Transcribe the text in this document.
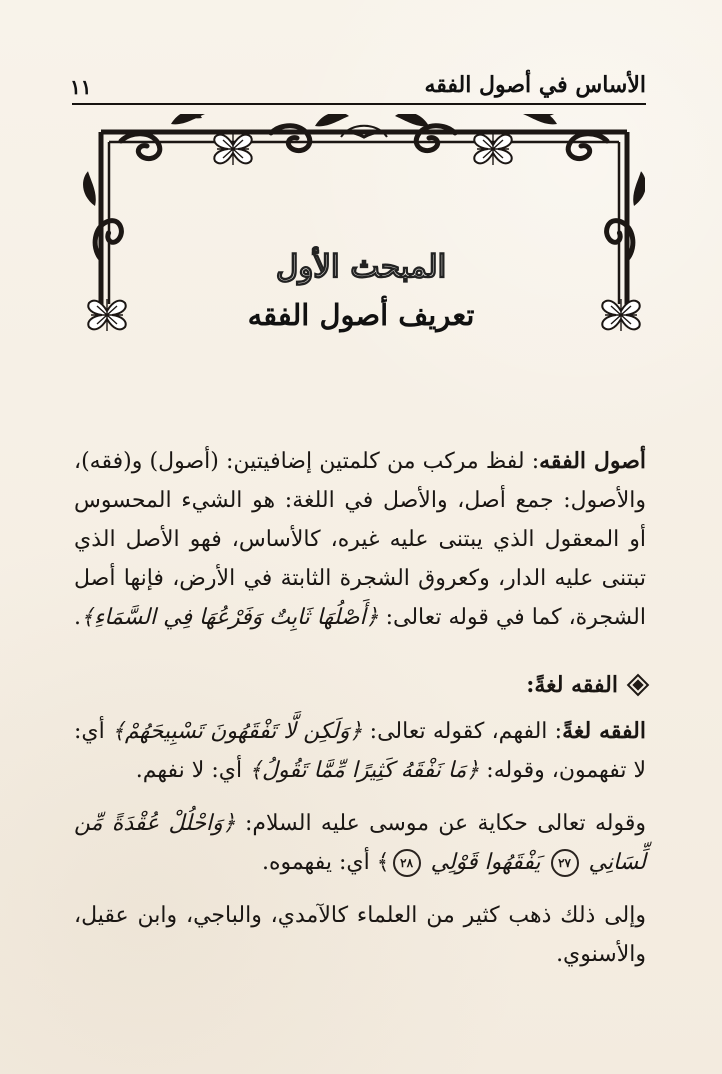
الأساس في أصول الفقه
١١
المبحث الأول
تعريف أصول الفقه

أصول الفقه: لفظ مركب من كلمتين إضافيتين: (أصول) و(فقه)، والأصول: جمع أصل، والأصل في اللغة: هو الشيء المحسوس أو المعقول الذي يبتنى عليه غيره، كالأساس، فهو الأصل الذي تبتنى عليه الدار، وكعروق الشجرة الثابتة في الأرض، فإنها أصل الشجرة، كما في قوله تعالى: ﴿أَصْلُهَا ثَابِتٌ وَفَرْعُهَا فِي السَّمَاءِ﴾.

الفقه لغةً:

الفقه لغةً: الفهم، كقوله تعالى: ﴿وَلَكِن لَّا تَفْقَهُونَ تَسْبِيحَهُمْ﴾ أي: لا تفهمون، وقوله: ﴿مَا نَفْقَهُ كَثِيرًا مِّمَّا تَقُولُ﴾ أي: لا نفهم.

وقوله تعالى حكاية عن موسى عليه السلام: ﴿وَاحْلُلْ عُقْدَةً مِّن لِّسَانِي ٢٧ يَفْقَهُوا قَوْلِي ٢٨﴾ أي: يفهموه.

وإلى ذلك ذهب كثير من العلماء كالآمدي، والباجي، وابن عقيل، والأسنوي.
